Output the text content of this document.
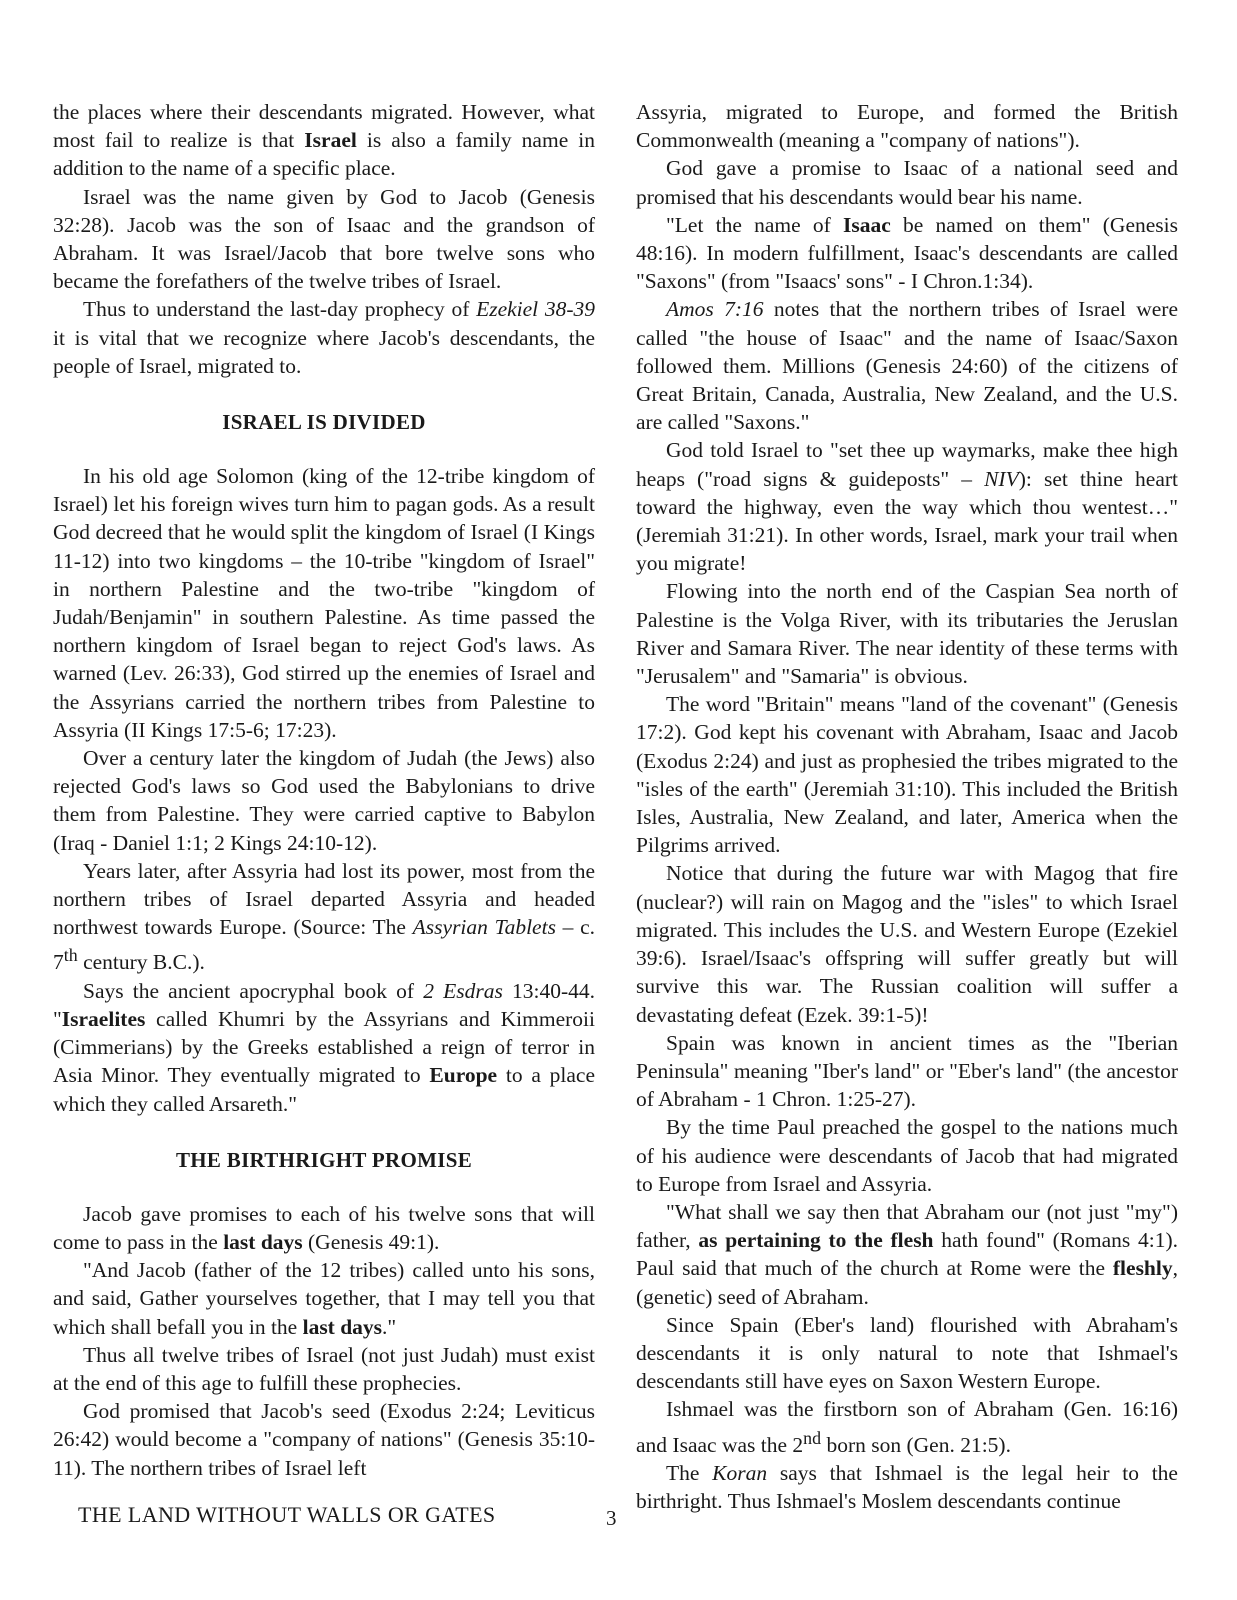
the places where their descendants migrated. However, what most fail to realize is that Israel is also a family name in addition to the name of a specific place.

Israel was the name given by God to Jacob (Genesis 32:28). Jacob was the son of Isaac and the grandson of Abraham. It was Israel/Jacob that bore twelve sons who became the forefathers of the twelve tribes of Israel.

Thus to understand the last-day prophecy of Ezekiel 38-39 it is vital that we recognize where Jacob's descendants, the people of Israel, migrated to.

ISRAEL IS DIVIDED

In his old age Solomon (king of the 12-tribe kingdom of Israel) let his foreign wives turn him to pagan gods. As a result God decreed that he would split the kingdom of Israel (I Kings 11-12) into two kingdoms – the 10-tribe "kingdom of Israel" in northern Palestine and the two-tribe "kingdom of Judah/Benjamin" in southern Palestine. As time passed the northern kingdom of Israel began to reject God's laws. As warned (Lev. 26:33), God stirred up the enemies of Israel and the Assyrians carried the northern tribes from Palestine to Assyria (II Kings 17:5-6; 17:23).

Over a century later the kingdom of Judah (the Jews) also rejected God's laws so God used the Babylonians to drive them from Palestine. They were carried captive to Babylon (Iraq - Daniel 1:1; 2 Kings 24:10-12).

Years later, after Assyria had lost its power, most from the northern tribes of Israel departed Assyria and headed northwest towards Europe. (Source: The Assyrian Tablets – c. 7th century B.C.).

Says the ancient apocryphal book of 2 Esdras 13:40-44. "Israelites called Khumri by the Assyrians and Kimmeroii (Cimmerians) by the Greeks established a reign of terror in Asia Minor. They eventually migrated to Europe to a place which they called Arsareth."

THE BIRTHRIGHT PROMISE

Jacob gave promises to each of his twelve sons that will come to pass in the last days (Genesis 49:1).

"And Jacob (father of the 12 tribes) called unto his sons, and said, Gather yourselves together, that I may tell you that which shall befall you in the last days."

Thus all twelve tribes of Israel (not just Judah) must exist at the end of this age to fulfill these prophecies.

God promised that Jacob's seed (Exodus 2:24; Leviticus 26:42) would become a "company of nations" (Genesis 35:10-11). The northern tribes of Israel left

Assyria, migrated to Europe, and formed the British Commonwealth (meaning a "company of nations").

God gave a promise to Isaac of a national seed and promised that his descendants would bear his name.

"Let the name of Isaac be named on them" (Genesis 48:16). In modern fulfillment, Isaac's descendants are called "Saxons" (from "Isaacs' sons" - I Chron.1:34).

Amos 7:16 notes that the northern tribes of Israel were called "the house of Isaac" and the name of Isaac/Saxon followed them. Millions (Genesis 24:60) of the citizens of Great Britain, Canada, Australia, New Zealand, and the U.S. are called "Saxons."

God told Israel to "set thee up waymarks, make thee high heaps ("road signs & guideposts" – NIV): set thine heart toward the highway, even the way which thou wentest…" (Jeremiah 31:21). In other words, Israel, mark your trail when you migrate!

Flowing into the north end of the Caspian Sea north of Palestine is the Volga River, with its tributaries the Jeruslan River and Samara River. The near identity of these terms with "Jerusalem" and "Samaria" is obvious.

The word "Britain" means "land of the covenant" (Genesis 17:2). God kept his covenant with Abraham, Isaac and Jacob (Exodus 2:24) and just as prophesied the tribes migrated to the "isles of the earth" (Jeremiah 31:10). This included the British Isles, Australia, New Zealand, and later, America when the Pilgrims arrived.

Notice that during the future war with Magog that fire (nuclear?) will rain on Magog and the "isles" to which Israel migrated. This includes the U.S. and Western Europe (Ezekiel 39:6). Israel/Isaac's offspring will suffer greatly but will survive this war. The Russian coalition will suffer a devastating defeat (Ezek. 39:1-5)!

Spain was known in ancient times as the "Iberian Peninsula" meaning "Iber's land" or "Eber's land" (the ancestor of Abraham - 1 Chron. 1:25-27).

By the time Paul preached the gospel to the nations much of his audience were descendants of Jacob that had migrated to Europe from Israel and Assyria.

"What shall we say then that Abraham our (not just "my") father, as pertaining to the flesh hath found" (Romans 4:1). Paul said that much of the church at Rome were the fleshly, (genetic) seed of Abraham.

Since Spain (Eber's land) flourished with Abraham's descendants it is only natural to note that Ishmael's descendants still have eyes on Saxon Western Europe.

Ishmael was the firstborn son of Abraham (Gen. 16:16) and Isaac was the 2nd born son (Gen. 21:5).

The Koran says that Ishmael is the legal heir to the birthright. Thus Ishmael's Moslem descendants continue

THE LAND WITHOUT WALLS OR GATES	3
